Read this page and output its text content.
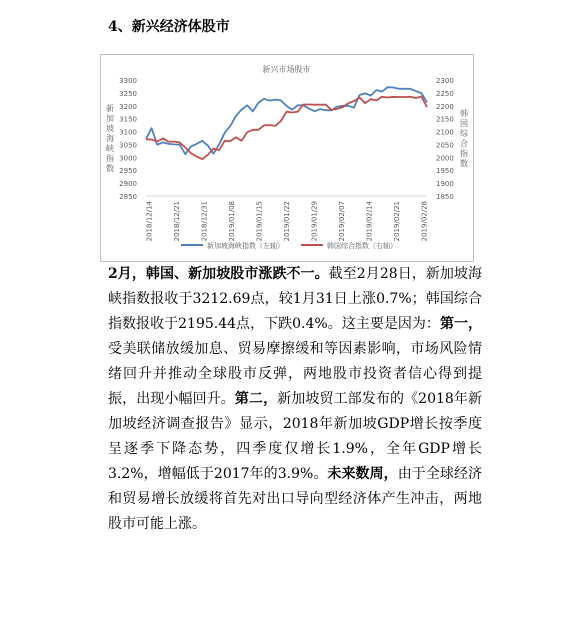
4、新兴经济体股市
新兴市场股市
3300
3250
3200
3150
3100
3050
3000
2950
2900
2850
2300
2250
2200
2150
2100
2050
2000
1950
1900
1850
新加坡海峡指数
韩国综合指数
2018/12/14	2018/12/21	2018/12/31	2019/01/08	2019/01/15	2019/01/22	2019/01/29	2019/02/07	2019/02/14	2019/02/21	2019/02/28
新加坡海峡指数（左轴）	韩国综合指数（右轴）

2月，韩国、新加坡股市涨跌不一。截至2月28日，新加坡海峡指数报收于3212.69点，较1月31日上涨0.7%；韩国综合指数报收于2195.44点，下跌0.4%。这主要是因为：第一，受美联储放缓加息、贸易摩擦缓和等因素影响，市场风险情绪回升并推动全球股市反弹，两地股市投资者信心得到提振，出现小幅回升。第二，新加坡贸工部发布的《2018年新加坡经济调查报告》显示，2018年新加坡GDP增长按季度呈逐季下降态势，四季度仅增长1.9%，全年GDP增长3.2%，增幅低于2017年的3.9%。未来数周，由于全球经济和贸易增长放缓将首先对出口导向型经济体产生冲击，两地股市可能上涨。
